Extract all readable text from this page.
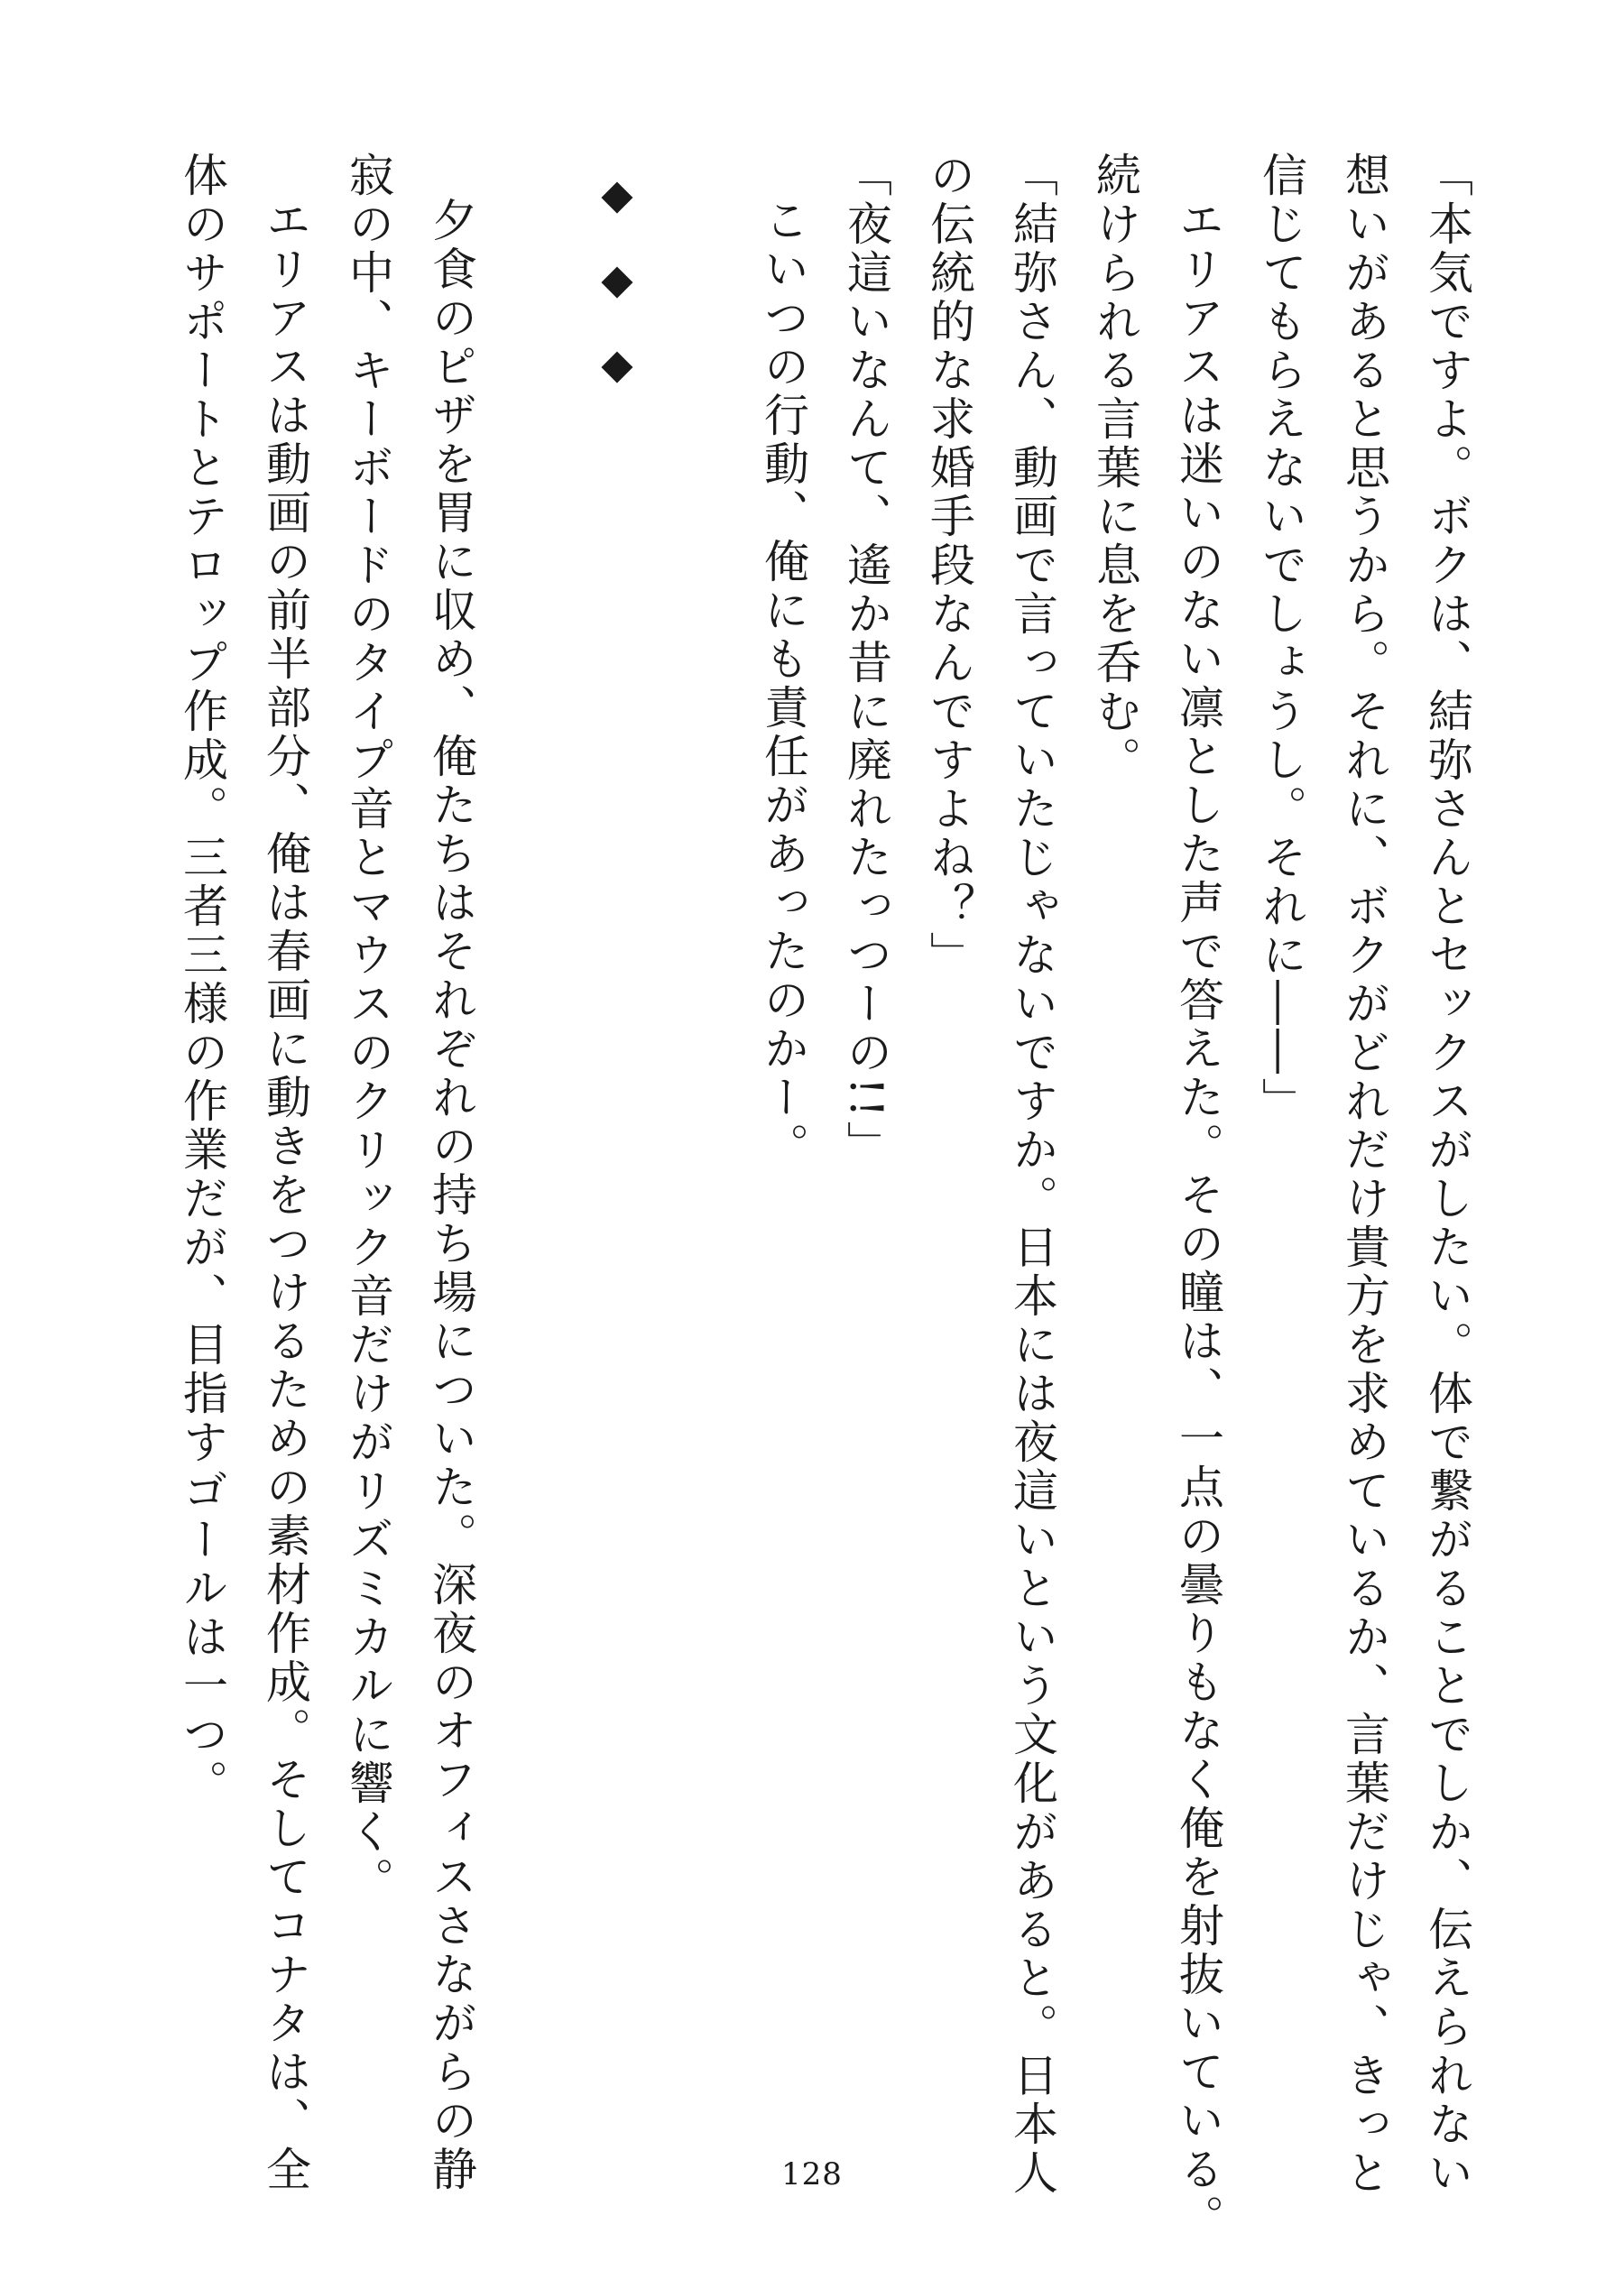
「本気ですよ。ボクは、結弥さんとセックスがしたい。体で繋がることでしか、伝えられない
想いがあると思うから。それに、ボクがどれだけ貴方を求めているか、言葉だけじゃ、きっと
信じてもらえないでしょうし。それに――」
エリアスは迷いのない凛とした声で答えた。その瞳は、一点の曇りもなく俺を射抜いている。
続けられる言葉に息を呑む。
「結弥さん、動画で言っていたじゃないですか。日本には夜這いという文化があると。日本人
の伝統的な求婚手段なんですよね？」
「夜這いなんて、遙か昔に廃れたっつーの!!」
こいつの行動、俺にも責任があったのかー。
◆◆◆
夕食のピザを胃に収め、俺たちはそれぞれの持ち場についた。深夜のオフィスさながらの静
寂の中、キーボードのタイプ音とマウスのクリック音だけがリズミカルに響く。
エリアスは動画の前半部分、俺は春画に動きをつけるための素材作成。そしてコナタは、全
体のサポートとテロップ作成。三者三様の作業だが、目指すゴールは一つ。
128
